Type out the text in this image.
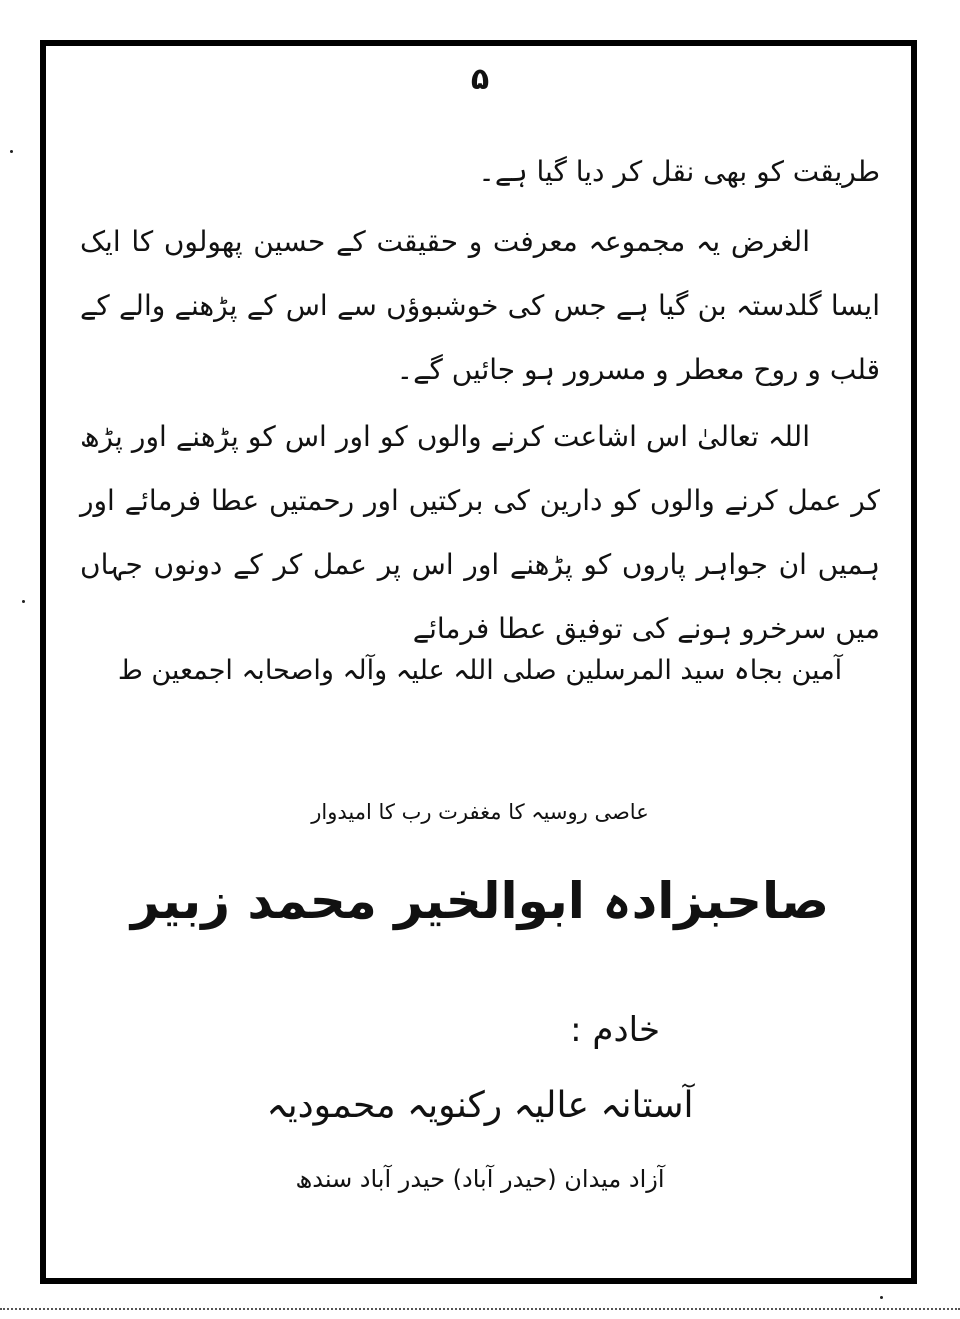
۵
طریقت کو بھی نقل کر دیا گیا ہے۔
الغرض یہ مجموعہ معرفت و حقیقت کے حسین پھولوں کا ایک ایسا گلدستہ بن گیا ہے جس کی خوشبوؤں سے اس کے پڑھنے والے کے قلب و روح معطر و مسرور ہو جائیں گے۔
اللہ تعالیٰ اس اشاعت کرنے والوں کو اور اس کو پڑھنے اور پڑھ کر عمل کرنے والوں کو دارین کی برکتیں اور رحمتیں عطا فرمائے اور ہمیں ان جواہر پاروں کو پڑھنے اور اس پر عمل کر کے دونوں جہاں میں سرخرو ہونے کی توفیق عطا فرمائے
آمین بجاہ سید المرسلین صلی اللہ علیہ وآلہ واصحابہ اجمعین ط
عاصی روسیہ کا مغفرت رب کا امیدوار
صاحبزادہ ابوالخیر محمد زبیر
خادم :
آستانہ عالیہ رکنویہ محمودیہ
آزاد میدان (حیدر آباد) حیدر آباد سندھ
